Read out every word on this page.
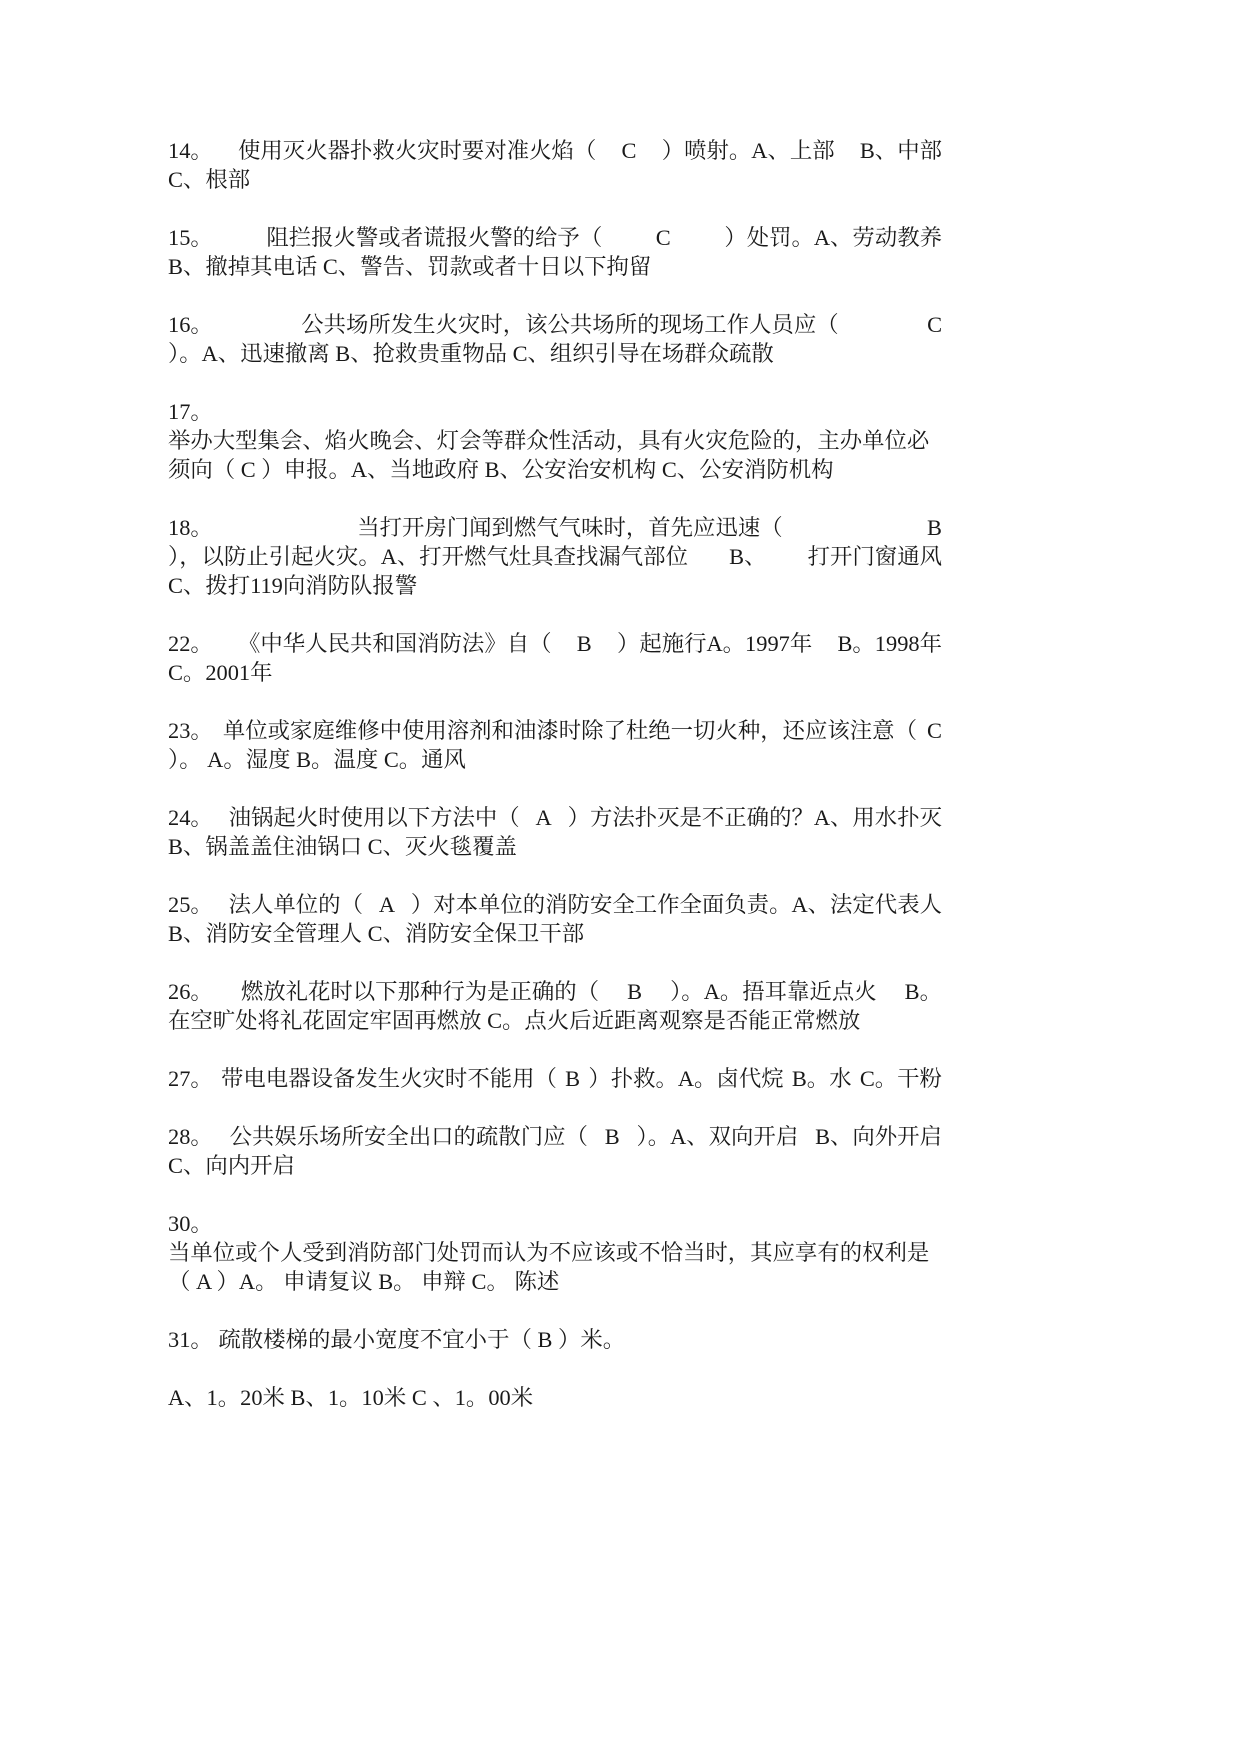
14。 使用灭火器扑救火灾时要对准火焰（ C ）喷射。A、上部 B、中部
C、根部
15。 阻拦报火警或者谎报火警的给予（ C ）处罚。A、劳动教养
B、撤掉其电话 C、警告、罚款或者十日以下拘留
16。	公共场所发生火灾时，该公共场所的现场工作人员应（	C
）。A、迅速撤离 B、抢救贵重物品 C、组织引导在场群众疏散
17。
举办大型集会、焰火晚会、灯会等群众性活动，具有火灾危险的，主办单位必
须向（ C ）申报。A、当地政府 B、公安治安机构 C、公安消防机构
18。	当打开房门闻到燃气气味时，首先应迅速（	B
），以防止引起火灾。A、打开燃气灶具查找漏气部位 B、 打开门窗通风
C、拨打119向消防队报警
22。 《中华人民共和国消防法》自（ B ）起施行A。1997年 B。1998年
C。2001年
23。 单位或家庭维修中使用溶剂和油漆时除了杜绝一切火种，还应该注意（ C
）。 A。湿度 B。温度 C。通风
24。 油锅起火时使用以下方法中（ A ）方法扑灭是不正确的？A、用水扑灭
B、锅盖盖住油锅口 C、灭火毯覆盖
25。 法人单位的（ A ）对本单位的消防安全工作全面负责。A、法定代表人
B、消防安全管理人 C、消防安全保卫干部
26。 燃放礼花时以下那种行为是正确的（ B ）。A。捂耳靠近点火 B。
在空旷处将礼花固定牢固再燃放 C。点火后近距离观察是否能正常燃放
27。 带电电器设备发生火灾时不能用（ B ）扑救。A。卤代烷 B。水 C。干粉
28。 公共娱乐场所安全出口的疏散门应（ B ）。A、双向开启 B、向外开启
C、向内开启
30。
当单位或个人受到消防部门处罚而认为不应该或不恰当时，其应享有的权利是
（ A ）A。 申请复议 B。 申辩 C。 陈述
31。 疏散楼梯的最小宽度不宜小于（ B ）米。
A、1。20米 B、1。10米 C 、1。00米
